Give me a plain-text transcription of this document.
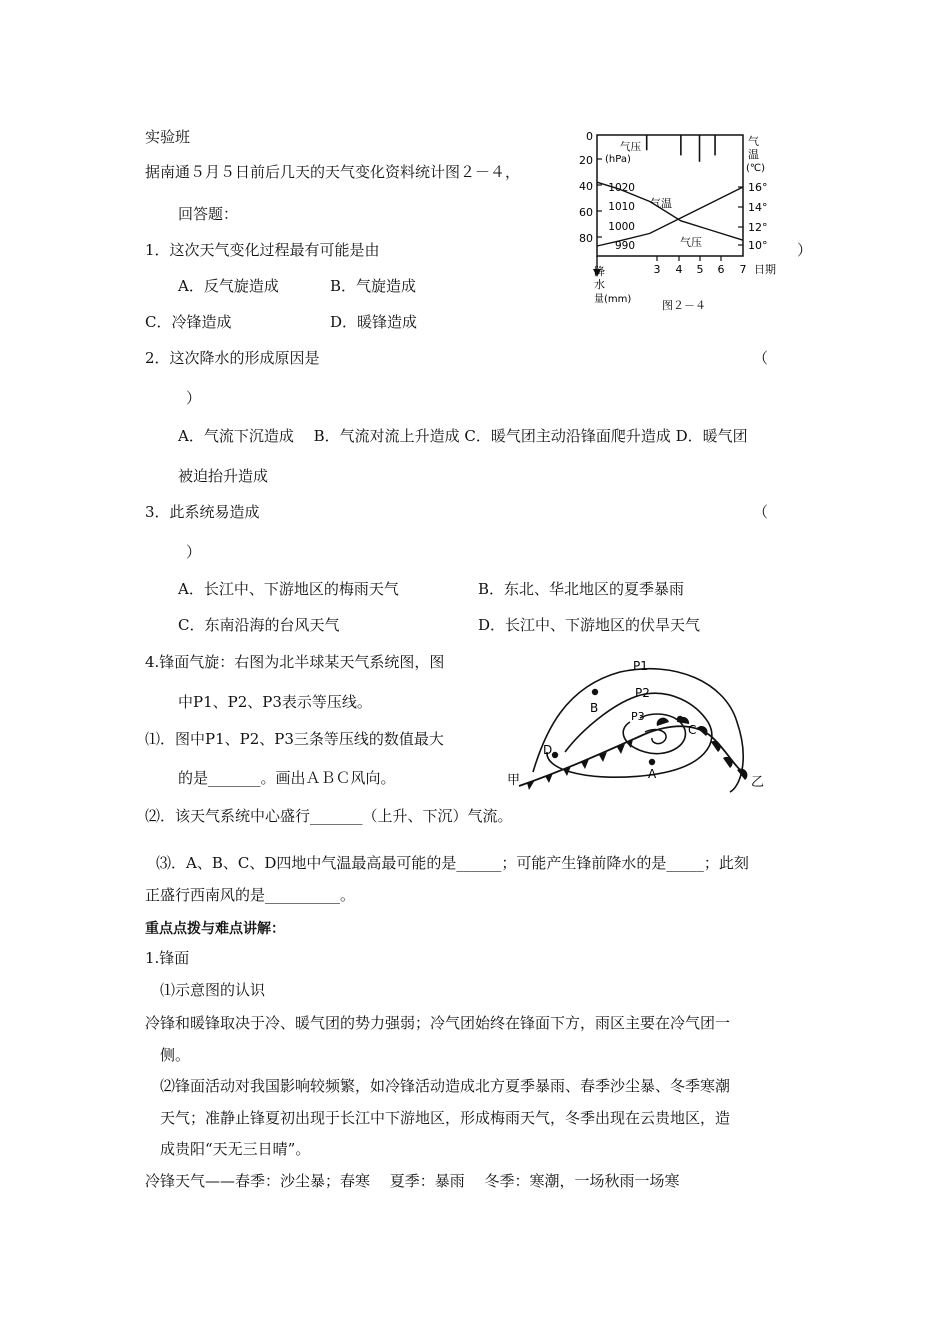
实验班
据南通５月５日前后几天的天气变化资料统计图２－４，
回答题：
1．这次天气变化过程最有可能是由	）
A．反气旋造成	B．气旋造成
C．冷锋造成	D．暖锋造成
2．这次降水的形成原因是	（
）
A．气流下沉造成　 B．气流对流上升造成 C．暖气团主动沿锋面爬升造成 D．暖气团
被迫抬升造成
3．此系统易造成	（
）
A．长江中、下游地区的梅雨天气	B．东北、华北地区的夏季暴雨
C．东南沿海的台风天气	D．长江中、下游地区的伏旱天气
4.锋面气旋：右图为北半球某天气系统图，图
中P1、P2、P3表示等压线。
⑴．图中P1、P2、P3三条等压线的数值最大
的是_______。画出ＡＢＣ风向。
⑵．该天气系统中心盛行_______（上升、下沉）气流。
⑶．A、B、C、D四地中气温最高最可能的是______；可能产生锋前降水的是_____；此刻
正盛行西南风的是__________。
重点点拨与难点讲解：
1.锋面
⑴示意图的认识
冷锋和暖锋取决于冷、暖气团的势力强弱；冷气团始终在锋面下方，雨区主要在冷气团一
侧。
⑵锋面活动对我国影响较频繁，如冷锋活动造成北方夏季暴雨、春季沙尘暴、冬季寒潮
天气；准静止锋夏初出现于长江中下游地区，形成梅雨天气，冬季出现在云贵地区，造
成贵阳“天无三日晴”。
冷锋天气——春季：沙尘暴；春寒　 夏季：暴雨　 冬季：寒潮，一场秋雨一场寒
0
20
40
60
80
气压
(hPa)
1020
1010
1000
990
气
温
(℃)
16°
14°
12°
10°
3 4 5 6 7 日期
降
水
量(mm)	图２－４
气温
气压
P1
P2
P3
B
C
D
A
甲	乙
